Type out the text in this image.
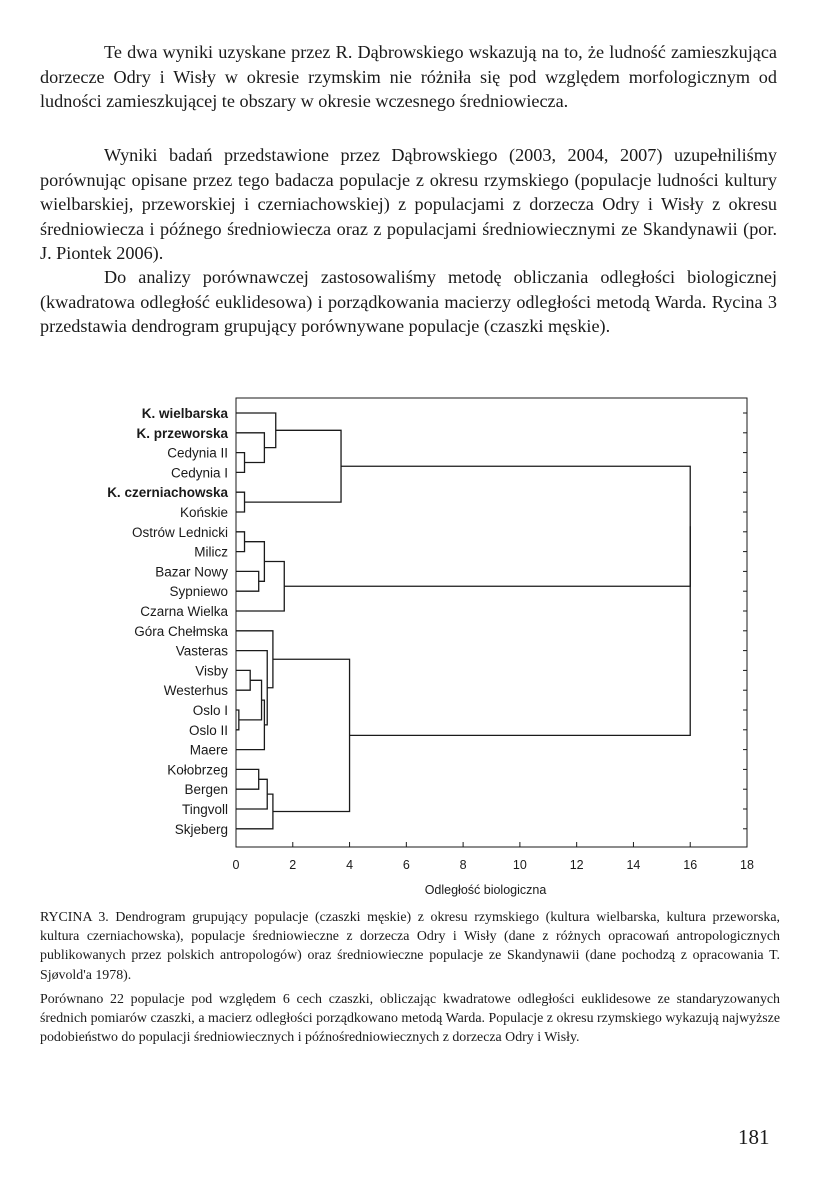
Te dwa wyniki uzyskane przez R. Dąbrowskiego wskazują na to, że ludność zamieszkująca dorzecze Odry i Wisły w okresie rzymskim nie różniła się pod względem morfologicznym od ludności zamieszkującej te obszary w okresie wczesnego średniowiecza.

Wyniki badań przedstawione przez Dąbrowskiego (2003, 2004, 2007) uzupełniliśmy porównując opisane przez tego badacza populacje z okresu rzymskiego (populacje ludności kultury wielbarskiej, przeworskiej i czerniachowskiej) z populacjami z dorzecza Odry i Wisły z okresu średniowiecza i późnego średniowiecza oraz z populacjami średniowiecznymi ze Skandynawii (por. J. Piontek 2006).

Do analizy porównawczej zastosowaliśmy metodę obliczania odległości biologicznej (kwadratowa odległość euklidesowa) i porządkowania macierzy odległości metodą Warda. Rycina 3 przedstawia dendrogram grupujący porównywane populacje (czaszki męskie).

K. wielbarska
K. przeworska
Cedynia II
Cedynia I
K. czerniachowska
Końskie
Ostrów Lednicki
Milicz
Bazar Nowy
Sypniewo
Czarna Wielka
Góra Chełmska
Vasteras
Visby
Westerhus
Oslo I
Oslo II
Maere
Kołobrzeg
Bergen
Tingvoll
Skjeberg
0	2	4	6	8	10	12	14	16	18
Odległość biologiczna

RYCINA 3. Dendrogram grupujący populacje (czaszki męskie) z okresu rzymskiego (kultura wielbarska, kultura przeworska, kultura czerniachowska), populacje średniowieczne z dorzecza Odry i Wisły (dane z różnych opracowań antropologicznych publikowanych przez polskich antropologów) oraz średniowieczne populacje ze Skandynawii (dane pochodzą z opracowania T. Sjøvold'a 1978).

Porównano 22 populacje pod względem 6 cech czaszki, obliczając kwadratowe odległości euklidesowe ze standaryzowanych średnich pomiarów czaszki, a macierz odległości porządkowano metodą Warda. Populacje z okresu rzymskiego wykazują najwyższe podobieństwo do populacji średniowiecznych i późnośredniowiecznych z dorzecza Odry i Wisły.

181
